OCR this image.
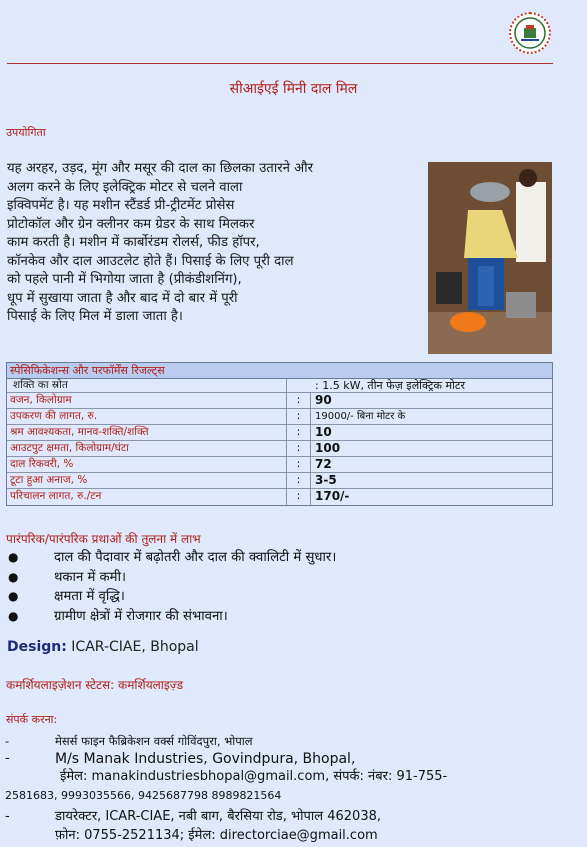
सीआईएई मिनी दाल मिल
उपयोगिता
यह अरहर, उड़द, मूंग और मसूर की दाल का छिलका उतारने और
अलग करने के लिए इलेक्ट्रिक मोटर से चलने वाला
इक्विपमेंट है। यह मशीन स्टैंडर्ड प्री-ट्रीटमेंट प्रोसेस
प्रोटोकॉल और ग्रेन क्लीनर कम ग्रेडर के साथ मिलकर
काम करती है। मशीन में कार्बोरंडम रोलर्स, फीड हॉपर,
कॉनकेव और दाल आउटलेट होते हैं। पिसाई के लिए पूरी दाल
को पहले पानी में भिगोया जाता है (प्रीकंडीशनिंग),
धूप में सुखाया जाता है और बाद में दो बार में पूरी
पिसाई के लिए मिल में डाला जाता है।
स्पेसिफिकेशन्स और परफॉर्मेंस रिजल्ट्स
शक्ति का स्रोत	: 1.5 kW, तीन फेज़ इलेक्ट्रिक मोटर
वजन, किलोग्राम	:	90
उपकरण की लागत, रु.	:	19000/- बिना मोटर के
श्रम आवश्यकता, मानव-शक्ति/शक्ति	:	10
आउटपुट क्षमता, किलोग्राम/घंटा	:	100
दाल रिकवरी, %	:	72
टूटा हुआ अनाज, %	:	3-5
परिचालन लागत, रु./टन	:	170/-
पारंपरिक/पारंपरिक प्रथाओं की तुलना में लाभ
●	दाल की पैदावार में बढ़ोतरी और दाल की क्वालिटी में सुधार।
●	थकान में कमी।
●	क्षमता में वृद्धि।
●	ग्रामीण क्षेत्रों में रोजगार की संभावना।
Design: ICAR-CIAE, Bhopal
कमर्शियलाइज़ेशन स्टेटस: कमर्शियलाइज़्ड
संपर्क करना:
-	मेसर्स फाइन फैब्रिकेशन वर्क्स गोविंदपुरा, भोपाल
-	M/s Manak Industries, Govindpura, Bhopal,
ईमेल: manakindustriesbhopal@gmail.com, संपर्क: नंबर: 91-755-
2581683, 9993035566, 9425687798 8989821564
-	डायरेक्टर, ICAR-CIAE, नबी बाग, बैरसिया रोड, भोपाल 462038,
फ़ोन: 0755-2521134; ईमेल: directorciae@gmail.com
